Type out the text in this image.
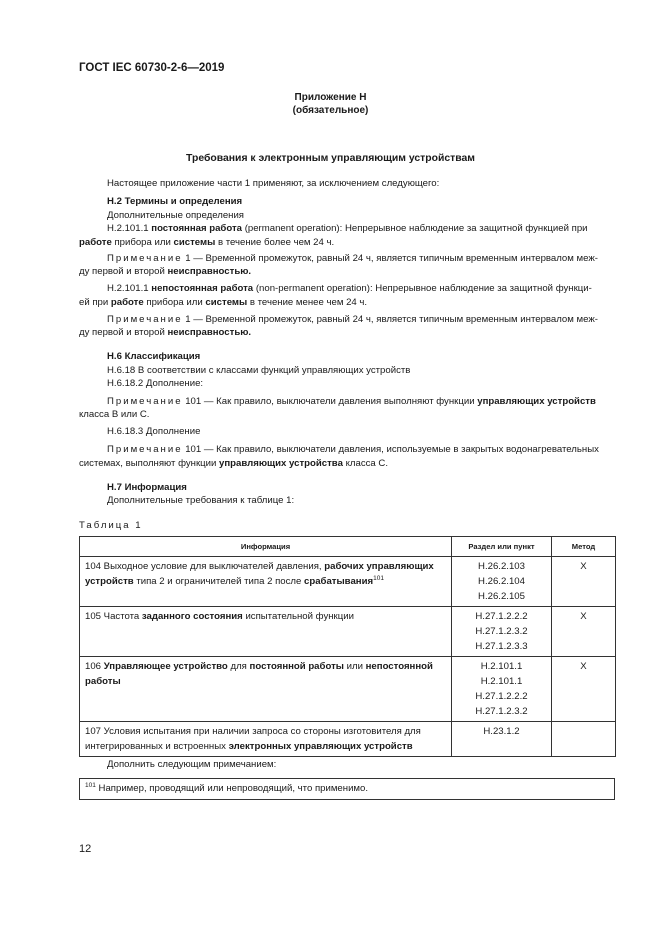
ГОСТ IEC 60730-2-6—2019
Приложение H
(обязательное)
Требования к электронным управляющим устройствам
Настоящее приложение части 1 применяют, за исключением следующего:
H.2 Термины и определения
Дополнительные определения
H.2.101.1 постоянная работа (permanent operation): Непрерывное наблюдение за защитной функцией при
работе прибора или системы в течение более чем 24 ч.
Примечание 1 — Временной промежуток, равный 24 ч, является типичным временным интервалом меж-
ду первой и второй неисправностью.
H.2.101.1 непостоянная работа (non-permanent operation): Непрерывное наблюдение за защитной функци-
ей при работе прибора или системы в течение менее чем 24 ч.
Примечание 1 — Временной промежуток, равный 24 ч, является типичным временным интервалом меж-
ду первой и второй неисправностью.
H.6 Классификация
H.6.18 В соответствии с классами функций управляющих устройств
H.6.18.2 Дополнение:
Примечание 101 — Как правило, выключатели давления выполняют функции управляющих устройств
класса B или C.
H.6.18.3 Дополнение
Примечание 101 — Как правило, выключатели давления, используемые в закрытых водонагревательных
системах, выполняют функции управляющих устройства класса C.
H.7 Информация
Дополнительные требования к таблице 1:
Таблица 1
Информация	Раздел или пункт	Метод
104 Выходное условие для выключателей давления, рабочих управляющих устройств типа 2 и ограничителей типа 2 после срабатывания$^{101}$	H.26.2.103
H.26.2.104
H.26.2.105	X
105 Частота заданного состояния испытательной функции	H.27.1.2.2.2
H.27.1.2.3.2
H.27.1.2.3.3	X
106 Управляющее устройство для постоянной работы или непостоянной работы	H.2.101.1
H.2.101.1
H.27.1.2.2.2
H.27.1.2.3.2	X
107 Условия испытания при наличии запроса со стороны изготовителя для интегрированных и встроенных электронных управляющих устройств	H.23.1.2	
Дополнить следующим примечанием:
$^{101}$ Например, проводящий или непроводящий, что применимо.
12
